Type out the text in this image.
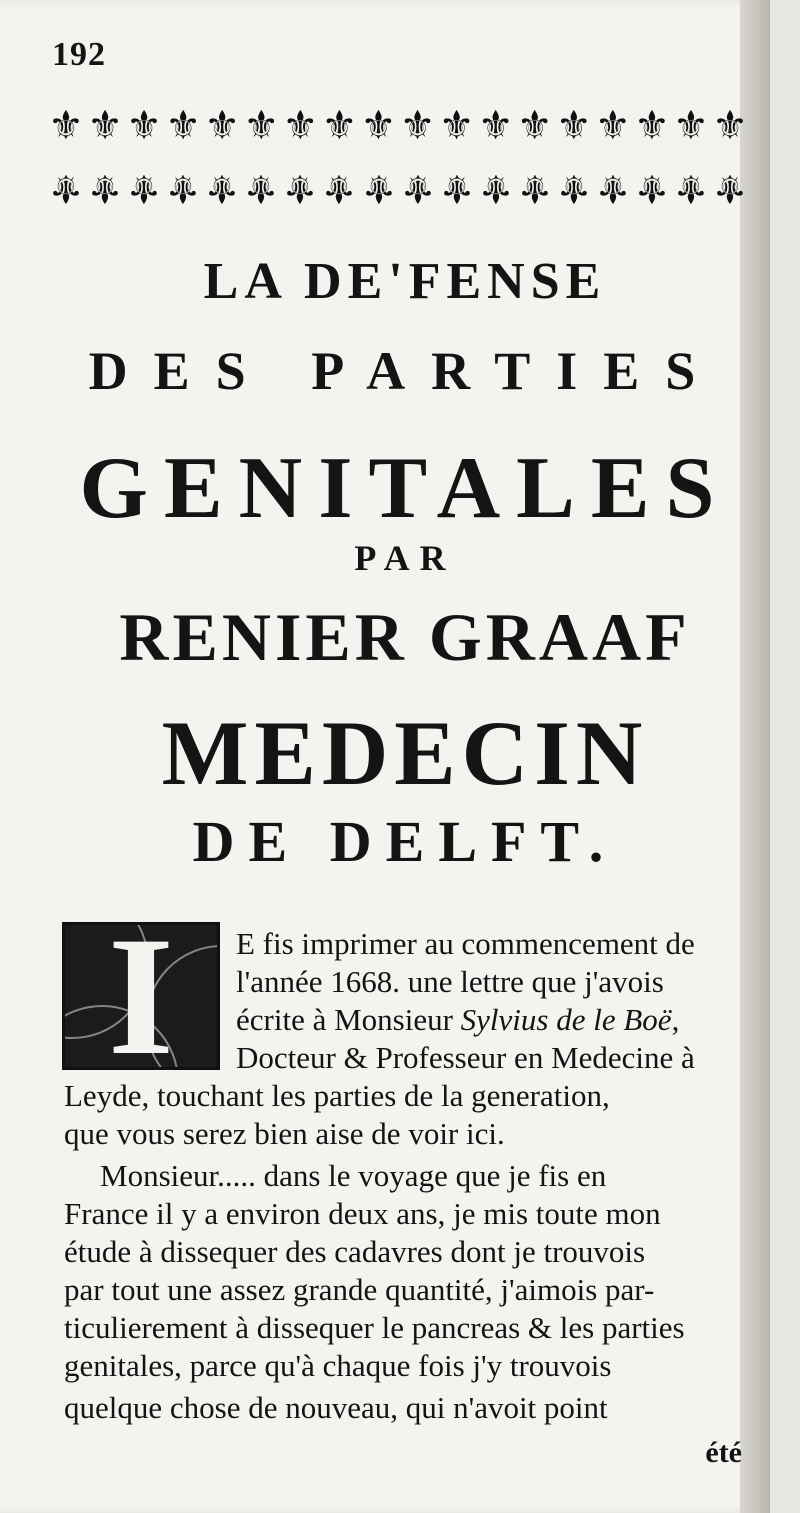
192
⚜ ⚜ ⚜ ⚜ ⚜ ⚜ ⚜ ⚜ ⚜ ⚜ ⚜ ⚜ ⚜ ⚜ ⚜ ⚜ ⚜ ⚜
⚜ ⚜ ⚜ ⚜ ⚜ ⚜ ⚜ ⚜ ⚜ ⚜ ⚜ ⚜ ⚜ ⚜ ⚜ ⚜ ⚜ ⚜
LA DE'FENSE
DES PARTIES
GENITALES
PAR
RENIER GRAAF
MEDECIN
DE DELFT.
I	E fis imprimer au commencement de
l'année 1668. une lettre que j'avois
écrite à Monsieur Sylvius de le Boë,
Docteur & Professeur en Medecine à
Leyde, touchant les parties de la generation,
que vous serez bien aise de voir ici.
Monsieur..... dans le voyage que je fis en
France il y a environ deux ans, je mis toute mon
étude à dissequer des cadavres dont je trouvois
par tout une assez grande quantité, j'aimois par-
ticulierement à dissequer le pancreas & les parties
genitales, parce qu'à chaque fois j'y trouvois
quelque chose de nouveau, qui n'avoit point
été
